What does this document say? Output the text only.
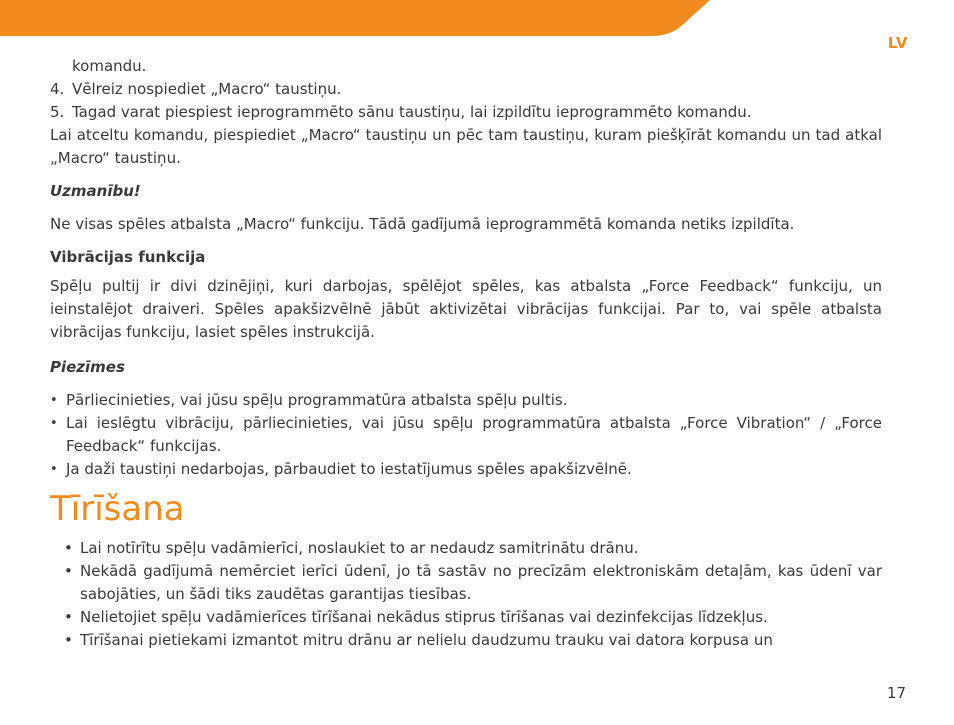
LV

komandu.

4. Vēlreiz nospiediet „Macro“ taustiņu.
5. Tagad varat piespiest ieprogrammēto sānu taustiņu, lai izpildītu ieprogrammēto komandu.

Lai atceltu komandu, piespiediet „Macro“ taustiņu un pēc tam taustiņu, kuram piešķīrāt komandu un tad atkal „Macro“ taustiņu.

Uzmanību!

Ne visas spēles atbalsta „Macro“ funkciju. Tādā gadījumā ieprogrammētā komanda netiks izpildīta.

Vibrācijas funkcija

Spēļu pultij ir divi dzinējiņi, kuri darbojas, spēlējot spēles, kas atbalsta „Force Feedback“ funkciju, un ieinstalējot draiveri. Spēles apakšizvēlnē jābūt aktivizētai vibrācijas funkcijai. Par to, vai spēle atbalsta vibrācijas funkciju, lasiet spēles instrukcijā.

Piezīmes

• Pārliecinieties, vai jūsu spēļu programmatūra atbalsta spēļu pultis.
• Lai ieslēgtu vibrāciju, pārliecinieties, vai jūsu spēļu programmatūra atbalsta „Force Vibration“ / „Force Feedback“ funkcijas.
• Ja daži taustiņi nedarbojas, pārbaudiet to iestatījumus spēles apakšizvēlnē.
Tīrīšana
• Lai notīrītu spēļu vadāmierīci, noslaukiet to ar nedaudz samitrinātu drānu.
• Nekādā gadījumā nemērciet ierīci ūdenī, jo tā sastāv no precīzām elektroniskām detaļām, kas ūdenī var sabojāties, un šādi tiks zaudētas garantijas tiesības.
• Nelietojiet spēļu vadāmierīces tīrīšanai nekādus stiprus tīrīšanas vai dezinfekcijas līdzekļus.
• Tīrīšanai pietiekami izmantot mitru drānu ar nelielu daudzumu trauku vai datora korpusa un
17
